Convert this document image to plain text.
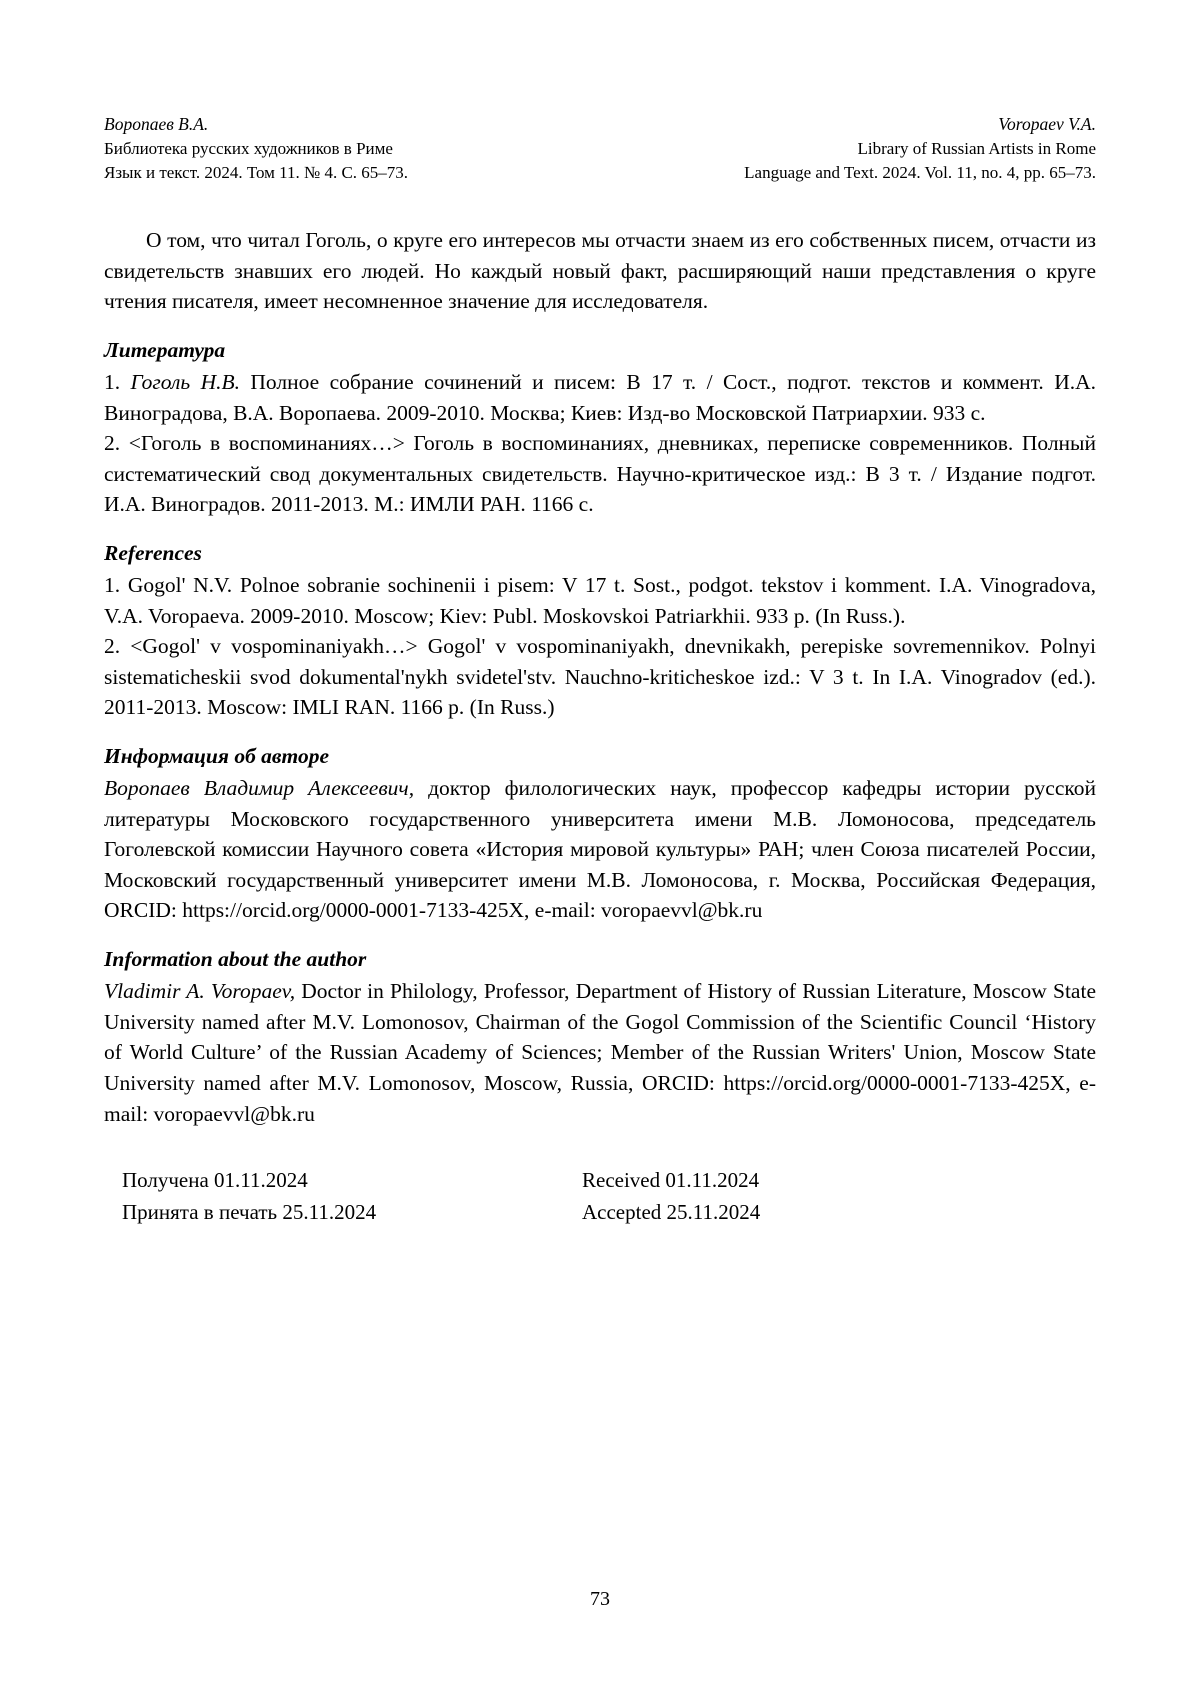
Воропаев В.А.
Библиотека русских художников в Риме
Язык и текст. 2024. Том 11. № 4. С. 65–73.
Voropaev V.A.
Library of Russian Artists in Rome
Language and Text. 2024. Vol. 11, no. 4, pp. 65–73.

О том, что читал Гоголь, о круге его интересов мы отчасти знаем из его собственных писем, отчасти из свидетельств знавших его людей. Но каждый новый факт, расширяющий наши представления о круге чтения писателя, имеет несомненное значение для исследователя.

Литература

1. Гоголь Н.В. Полное собрание сочинений и писем: В 17 т. / Сост., подгот. текстов и коммент. И.А. Виноградова, В.А. Воропаева. 2009-2010. Москва; Киев: Изд-во Московской Патриархии. 933 с.

2. <Гоголь в воспоминаниях…> Гоголь в воспоминаниях, дневниках, переписке современников. Полный систематический свод документальных свидетельств. Научно-критическое изд.: В 3 т. / Издание подгот. И.А. Виноградов. 2011-2013. М.: ИМЛИ РАН. 1166 с.

References

1. Gogol' N.V. Polnoe sobranie sochinenii i pisem: V 17 t. Sost., podgot. tekstov i komment. I.A. Vinogradova, V.A. Voropaeva. 2009-2010. Moscow; Kiev: Publ. Moskovskoi Patriarkhii. 933 p. (In Russ.).

2. <Gogol' v vospominaniyakh…> Gogol' v vospominaniyakh, dnevnikakh, perepiske sovremennikov. Polnyi sistematicheskii svod dokumental'nykh svidetel'stv. Nauchno-kriticheskoe izd.: V 3 t. In I.A. Vinogradov (ed.). 2011-2013. Moscow: IMLI RAN. 1166 p. (In Russ.)

Информация об авторе

Воропаев Владимир Алексеевич, доктор филологических наук, профессор кафедры истории русской литературы Московского государственного университета имени М.В. Ломоносова, председатель Гоголевской комиссии Научного совета «История мировой культуры» РАН; член Союза писателей России, Московский государственный университет имени М.В. Ломоносова, г. Москва, Российская Федерация, ORCID: https://orcid.org/0000-0001-7133-425X, e-mail: voropaevvl@bk.ru

Information about the author

Vladimir A. Voropaev, Doctor in Philology, Professor, Department of History of Russian Literature, Moscow State University named after M.V. Lomonosov, Chairman of the Gogol Commission of the Scientific Council ‘History of World Culture’ of the Russian Academy of Sciences; Member of the Russian Writers' Union, Moscow State University named after M.V. Lomonosov, Moscow, Russia, ORCID: https://orcid.org/0000-0001-7133-425X, e-mail: voropaevvl@bk.ru

Получена 01.11.2024	Received 01.11.2024
Принята в печать 25.11.2024	Accepted 25.11.2024
73
